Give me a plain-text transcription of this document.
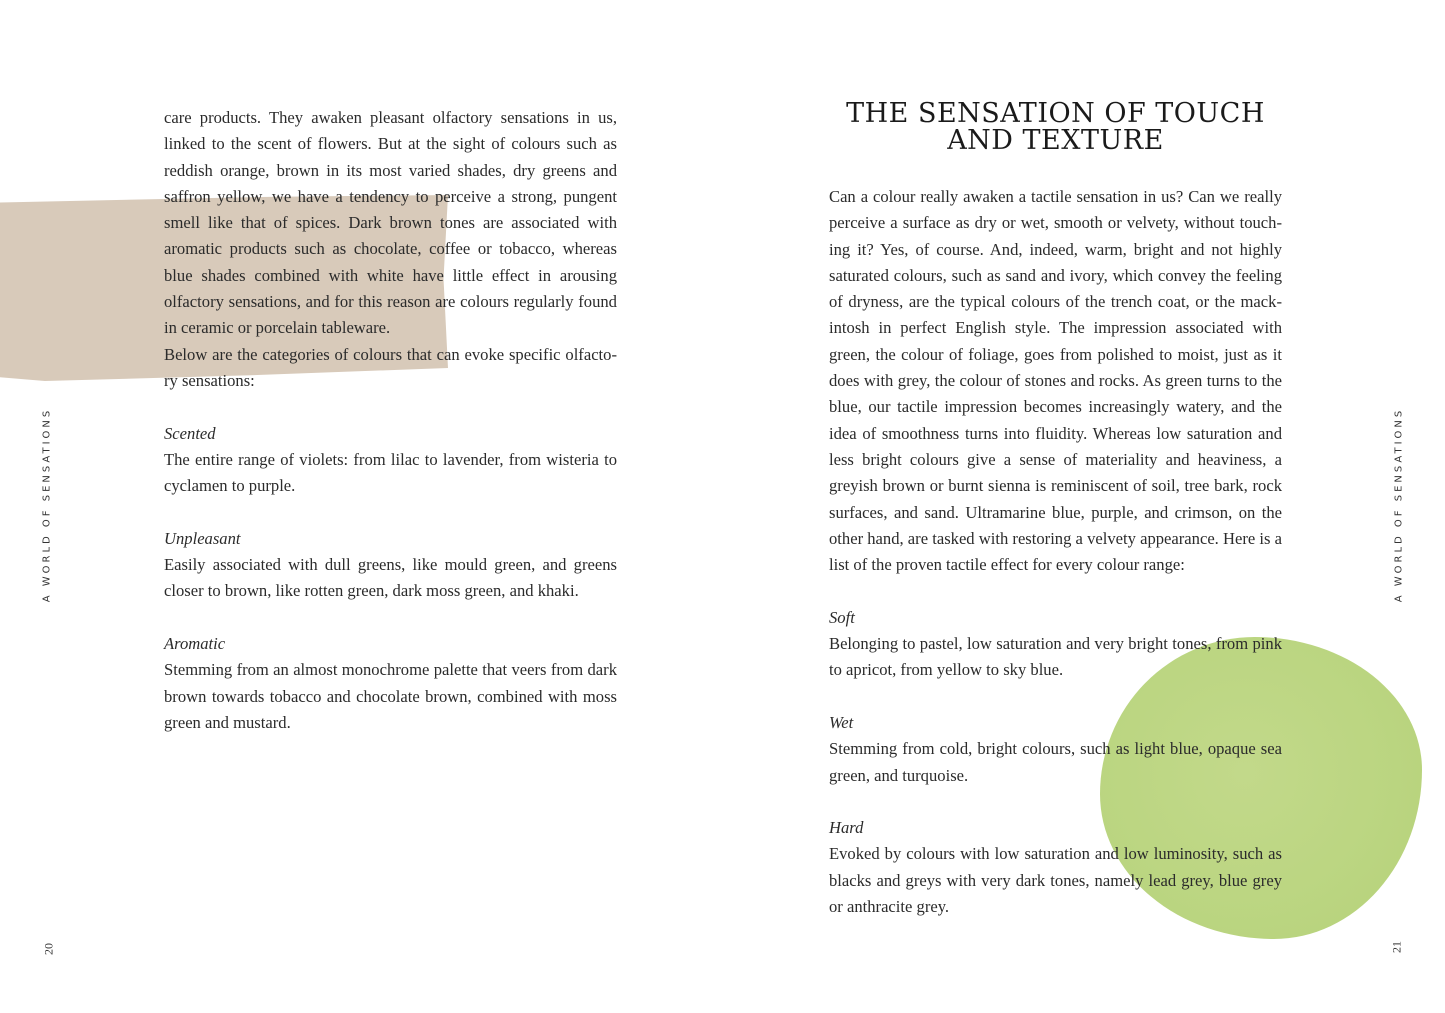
care products. They awaken pleasant olfactory sensations in us, linked to the scent of flowers. But at the sight of colours such as reddish orange, brown in its most varied shades, dry greens and saffron yellow, we have a tendency to perceive a strong, pungent smell like that of spices. Dark brown tones are associated with aromatic products such as chocolate, coffee or tobacco, whereas blue shades combined with white have little effect in arousing olfactory sensations, and for this reason are colours regularly found in ceramic or porcelain tableware.

Below are the categories of colours that can evoke specific olfacto-ry sensations:

Scented

The entire range of violets: from lilac to lavender, from wisteria to cyclamen to purple.

Unpleasant

Easily associated with dull greens, like mould green, and greens closer to brown, like rotten green, dark moss green, and khaki.

Aromatic

Stemming from an almost monochrome palette that veers from dark brown towards tobacco and chocolate brown, combined with moss green and mustard.

THE SENSATION OF TOUCH
AND TEXTURE

Can a colour really awaken a tactile sensation in us? Can we really perceive a surface as dry or wet, smooth or velvety, without touch-ing it? Yes, of course. And, indeed, warm, bright and not highly saturated colours, such as sand and ivory, which convey the feeling of dryness, are the typical colours of the trench coat, or the mack-intosh in perfect English style. The impression associated with green, the colour of foliage, goes from polished to moist, just as it does with grey, the colour of stones and rocks. As green turns to the blue, our tactile impression becomes increasingly watery, and the idea of smoothness turns into fluidity. Whereas low saturation and less bright colours give a sense of materiality and heaviness, a greyish brown or burnt sienna is reminiscent of soil, tree bark, rock surfaces, and sand. Ultramarine blue, purple, and crimson, on the other hand, are tasked with restoring a velvety appearance. Here is a list of the proven tactile effect for every colour range:

Soft

Belonging to pastel, low saturation and very bright tones, from pink to apricot, from yellow to sky blue.

Wet

Stemming from cold, bright colours, such as light blue, opaque sea green, and turquoise.

Hard

Evoked by colours with low saturation and low luminosity, such as blacks and greys with very dark tones, namely lead grey, blue grey or anthracite grey.

A WORLD OF SENSATIONS	A WORLD OF SENSATIONS
20	21
